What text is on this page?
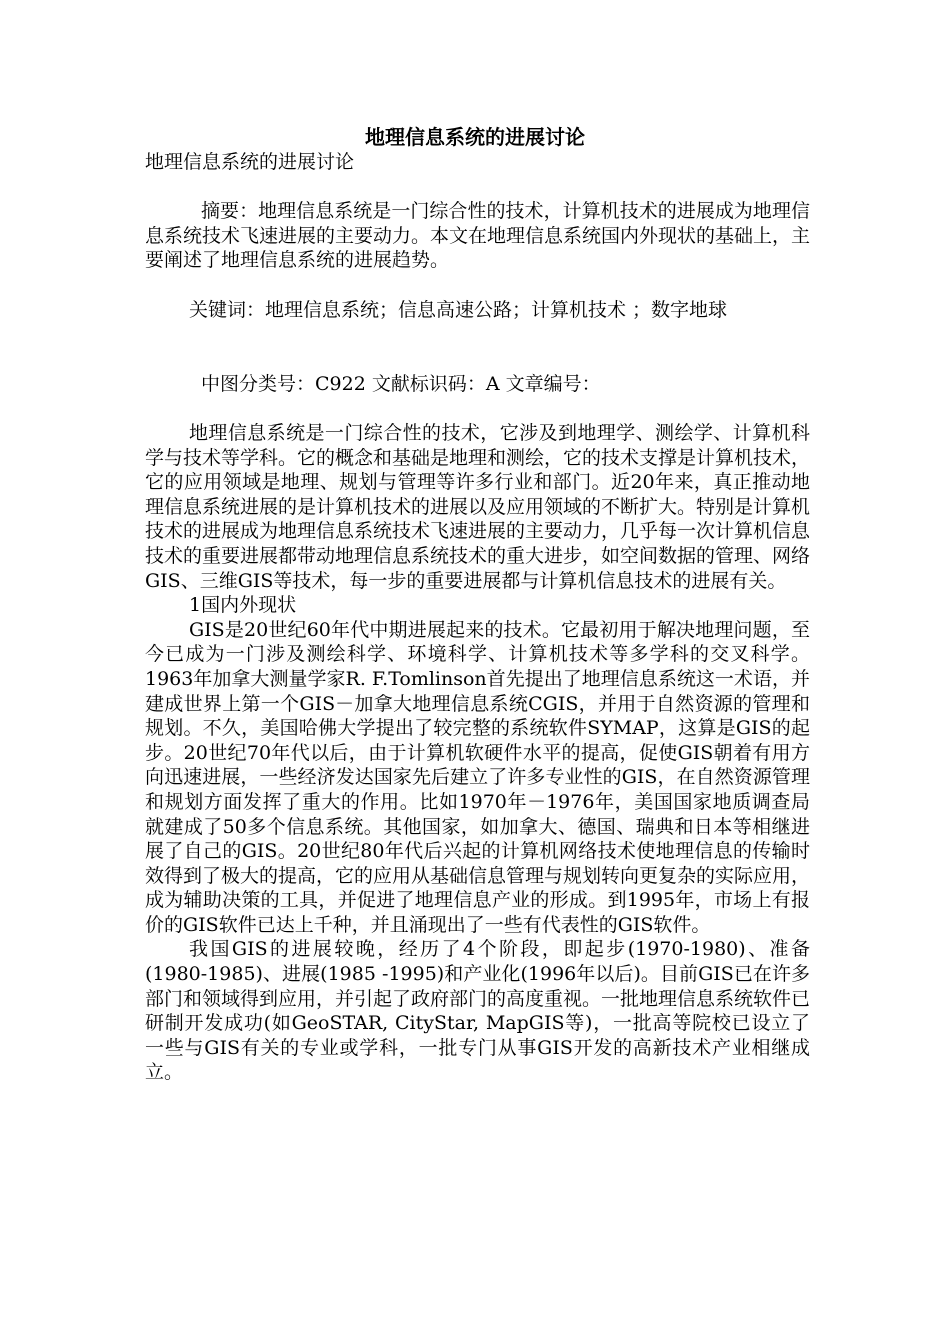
地理信息系统的进展讨论

地理信息系统的进展讨论

摘要：地理信息系统是一门综合性的技术，计算机技术的进展成为地理信息系统技术飞速进展的主要动力。本文在地理信息系统国内外现状的基础上，主要阐述了地理信息系统的进展趋势。

关键词：地理信息系统；信息高速公路；计算机技术 ；数字地球

中图分类号：C922 文献标识码：A 文章编号：

地理信息系统是一门综合性的技术，它涉及到地理学、测绘学、计算机科学与技术等学科。它的概念和基础是地理和测绘，它的技术支撑是计算机技术，它的应用领域是地理、规划与管理等许多行业和部门。近20年来，真正推动地理信息系统进展的是计算机技术的进展以及应用领域的不断扩大。特别是计算机技术的进展成为地理信息系统技术飞速进展的主要动力，几乎每一次计算机信息技术的重要进展都带动地理信息系统技术的重大进步，如空间数据的管理、网络GIS、三维GIS等技术，每一步的重要进展都与计算机信息技术的进展有关。

1国内外现状

GIS是20世纪60年代中期进展起来的技术。它最初用于解决地理问题，至今已成为一门涉及测绘科学、环境科学、计算机技术等多学科的交叉科学。1963年加拿大测量学家R. F.Tomlinson首先提出了地理信息系统这一术语，并建成世界上第一个GIS－加拿大地理信息系统CGIS，并用于自然资源的管理和规划。不久，美国哈佛大学提出了较完整的系统软件SYMAP，这算是GIS的起步。20世纪70年代以后，由于计算机软硬件水平的提高，促使GIS朝着有用方向迅速进展，一些经济发达国家先后建立了许多专业性的GIS，在自然资源管理和规划方面发挥了重大的作用。比如1970年－1976年，美国国家地质调查局就建成了50多个信息系统。其他国家，如加拿大、德国、瑞典和日本等相继进展了自己的GIS。20世纪80年代后兴起的计算机网络技术使地理信息的传输时效得到了极大的提高，它的应用从基础信息管理与规划转向更复杂的实际应用，成为辅助决策的工具，并促进了地理信息产业的形成。到1995年，市场上有报价的GIS软件已达上千种，并且涌现出了一些有代表性的GIS软件。

我国GIS的进展较晚，经历了4个阶段，即起步(1970-1980)、准备(1980-1985)、进展(1985 -1995)和产业化(1996年以后)。目前GIS已在许多部门和领域得到应用，并引起了政府部门的高度重视。一批地理信息系统软件已研制开发成功(如GeoSTAR, CityStar, MapGIS等)，一批高等院校已设立了一些与GIS有关的专业或学科，一批专门从事GIS开发的高新技术产业相继成立。
